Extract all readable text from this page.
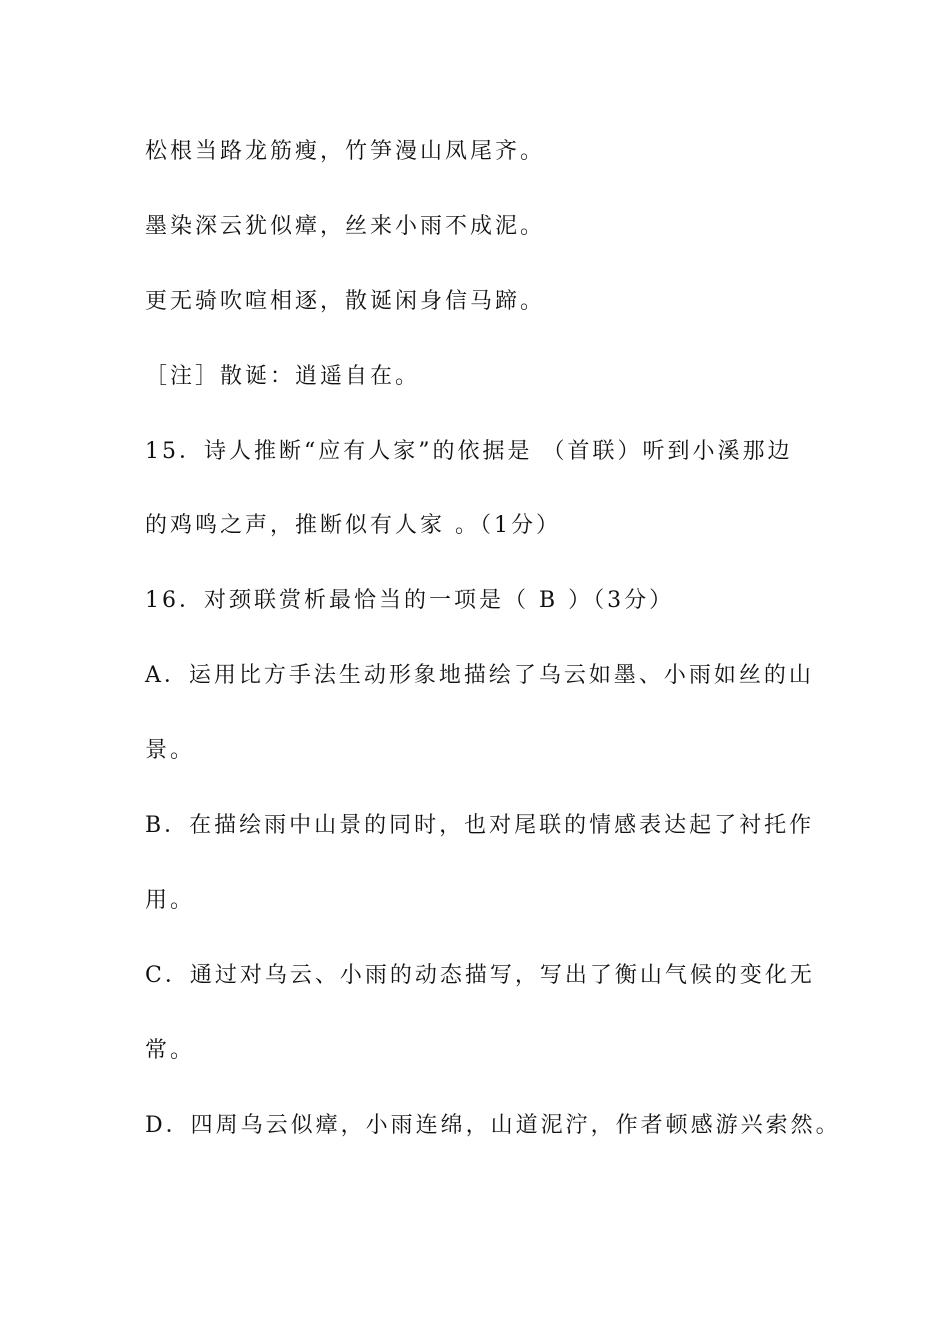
松根当路龙筋瘦，竹笋漫山凤尾齐。
墨染深云犹似瘴，丝来小雨不成泥。
更无骑吹喧相逐，散诞闲身信马蹄。
［注］散诞：逍遥自在。
15．诗人推断“应有人家”的依据是 （首联）听到小溪那边
的鸡鸣之声，推断似有人家 。（1分）
16．对颈联赏析最恰当的一项是（ B ）（3分）
A．运用比方手法生动形象地描绘了乌云如墨、小雨如丝的山
景。
B．在描绘雨中山景的同时，也对尾联的情感表达起了衬托作
用。
C．通过对乌云、小雨的动态描写，写出了衡山气候的变化无
常。
D．四周乌云似瘴，小雨连绵，山道泥泞，作者顿感游兴索然。
